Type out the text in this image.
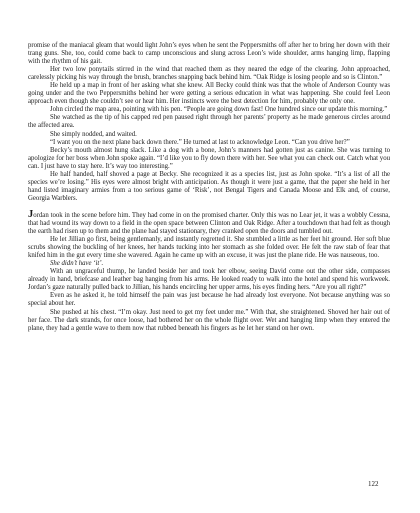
promise of the maniacal gleam that would light John’s eyes when he sent the Peppersmiths off after her to bring her down with their trang guns. She, too, could come back to camp unconscious and slung across Leon’s wide shoulder, arms hanging limp, flapping with the rhythm of his gait.

Her two low ponytails stirred in the wind that reached them as they neared the edge of the clearing. John approached, carelessly picking his way through the brush, branches snapping back behind him. “Oak Ridge is losing people and so is Clinton.”

He held up a map in front of her asking what she knew. All Becky could think was that the whole of Anderson County was going under and the two Peppersmiths behind her were getting a serious education in what was happening. She could feel Leon approach even though she couldn’t see or hear him. Her instincts were the best detection for him, probably the only one.

John circled the map area, pointing with his pen. “People are going down fast! One hundred since our update this morning.”

She watched as the tip of his capped red pen paused right through her parents’ property as he made generous circles around the affected area.

She simply nodded, and waited.

“I want you on the next plane back down there.” He turned at last to acknowledge Leon. “Can you drive her?”

Becky’s mouth almost hung slack. Like a dog with a bone, John’s manners had gotten just as canine. She was turning to apologize for her boss when John spoke again. “I’d like you to fly down there with her. See what you can check out. Catch what you can. I just have to stay here. It’s way too interesting.”

He half handed, half shoved a page at Becky. She recognized it as a species list, just as John spoke. “It’s a list of all the species we’re losing.” His eyes were almost bright with anticipation. As though it were just a game, that the paper she held in her hand listed imaginary armies from a too serious game of ‘Risk’, not Bengal Tigers and Canada Moose and Elk and, of course, Georgia Warblers.

Jordan took in the scene before him. They had come in on the promised charter. Only this was no Lear jet, it was a wobbly Cessna, that had wound its way down to a field in the open space between Clinton and Oak Ridge. After a touchdown that had felt as though the earth had risen up to them and the plane had stayed stationary, they cranked open the doors and tumbled out.

He let Jillian go first, being gentlemanly, and instantly regretted it. She stumbled a little as her feet hit ground. Her soft blue scrubs showing the buckling of her knees, her hands tucking into her stomach as she folded over. He felt the raw stab of fear that knifed him in the gut every time she wavered. Again he came up with an excuse, it was just the plane ride. He was nauseous, too.

She didn’t have ‘it’.

With an ungraceful thump, he landed beside her and took her elbow, seeing David come out the other side, compasses already in hand, briefcase and leather bag hanging from his arms. He looked ready to walk into the hotel and spend his workweek. Jordan’s gaze naturally pulled back to Jillian, his hands encircling her upper arms, his eyes finding hers. “Are you all right?”

Even as he asked it, he told himself the pain was just because he had already lost everyone. Not because anything was so special about her.

She pushed at his chest. “I’m okay. Just need to get my feet under me.” With that, she straightened. Shoved her hair out of her face. The dark strands, for once loose, had bothered her on the whole flight over. Wet and hanging limp when they entered the plane, they had a gentle wave to them now that rubbed beneath his fingers as he let her stand on her own.

122
